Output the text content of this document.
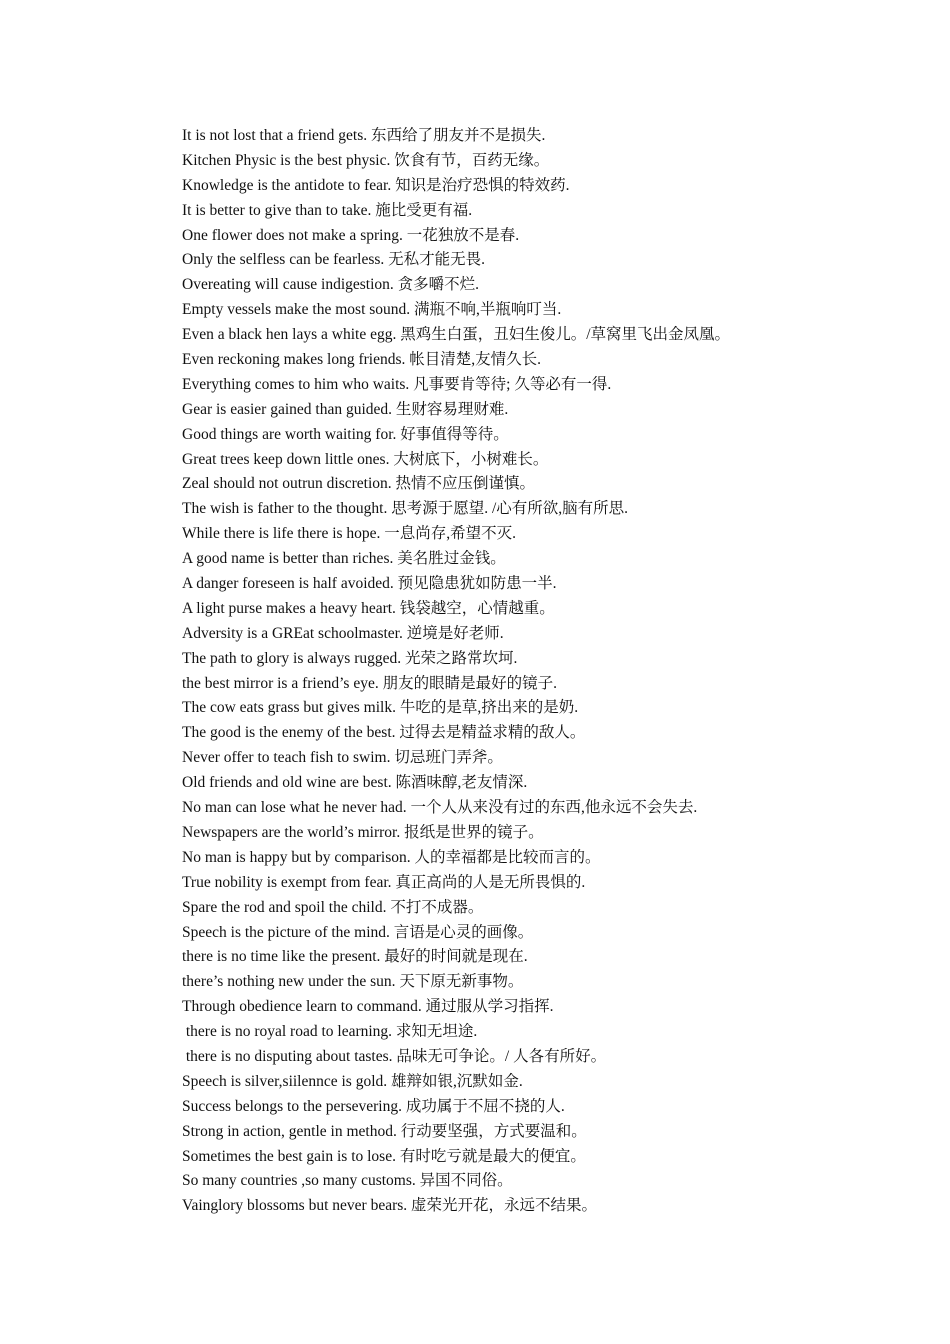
It is not lost that a friend gets. 东西给了朋友并不是损失.
Kitchen Physic is the best physic. 饮食有节，百药无缘。
Knowledge is the antidote to fear. 知识是治疗恐惧的特效药.
It is better to give than to take. 施比受更有福.
One flower does not make a spring. 一花独放不是春.
Only the selfless can be fearless. 无私才能无畏.
Overeating will cause indigestion. 贪多嚼不烂.
Empty vessels make the most sound. 满瓶不响,半瓶响叮当.
Even a black hen lays a white egg. 黑鸡生白蛋，丑妇生俊儿。/草窝里飞出金凤凰。
Even reckoning makes long friends. 帐目清楚,友情久长.
Everything comes to him who waits. 凡事要肯等待; 久等必有一得.
Gear is easier gained than guided. 生财容易理财难.
Good things are worth waiting for. 好事值得等待。
Great trees keep down little ones. 大树底下，小树难长。
Zeal should not outrun discretion. 热情不应压倒谨慎。
The wish is father to the thought. 思考源于愿望. /心有所欲,脑有所思.
While there is life there is hope. 一息尚存,希望不灭.
A good name is better than riches. 美名胜过金钱。
A danger foreseen is half avoided. 预见隐患犹如防患一半.
A light purse makes a heavy heart. 钱袋越空，心情越重。
Adversity is a GREat schoolmaster. 逆境是好老师.
The path to glory is always rugged. 光荣之路常坎坷.
the best mirror is a friend’s eye. 朋友的眼睛是最好的镜子.
The cow eats grass but gives milk. 牛吃的是草,挤出来的是奶.
The good is the enemy of the best. 过得去是精益求精的敌人。
Never offer to teach fish to swim. 切忌班门弄斧。
Old friends and old wine are best. 陈酒味醇,老友情深.
No man can lose what he never had. 一个人从来没有过的东西,他永远不会失去.
Newspapers are the world’s mirror. 报纸是世界的镜子。
No man is happy but by comparison. 人的幸福都是比较而言的。
True nobility is exempt from fear. 真正高尚的人是无所畏惧的.
Spare the rod and spoil the child. 不打不成器。
Speech is the picture of the mind. 言语是心灵的画像。
there is no time like the present. 最好的时间就是现在.
there’s nothing new under the sun. 天下原无新事物。
Through obedience learn to command. 通过服从学习指挥.
there is no royal road to learning. 求知无坦途.
there is no disputing about tastes. 品味无可争论。/ 人各有所好。
Speech is silver,siilennce is gold. 雄辩如银,沉默如金.
Success belongs to the persevering. 成功属于不屈不挠的人.
Strong in action, gentle in method. 行动要坚强，方式要温和。
Sometimes the best gain is to lose. 有时吃亏就是最大的便宜。
So many countries ,so many customs. 异国不同俗。
Vainglory blossoms but never bears. 虚荣光开花，永远不结果。
